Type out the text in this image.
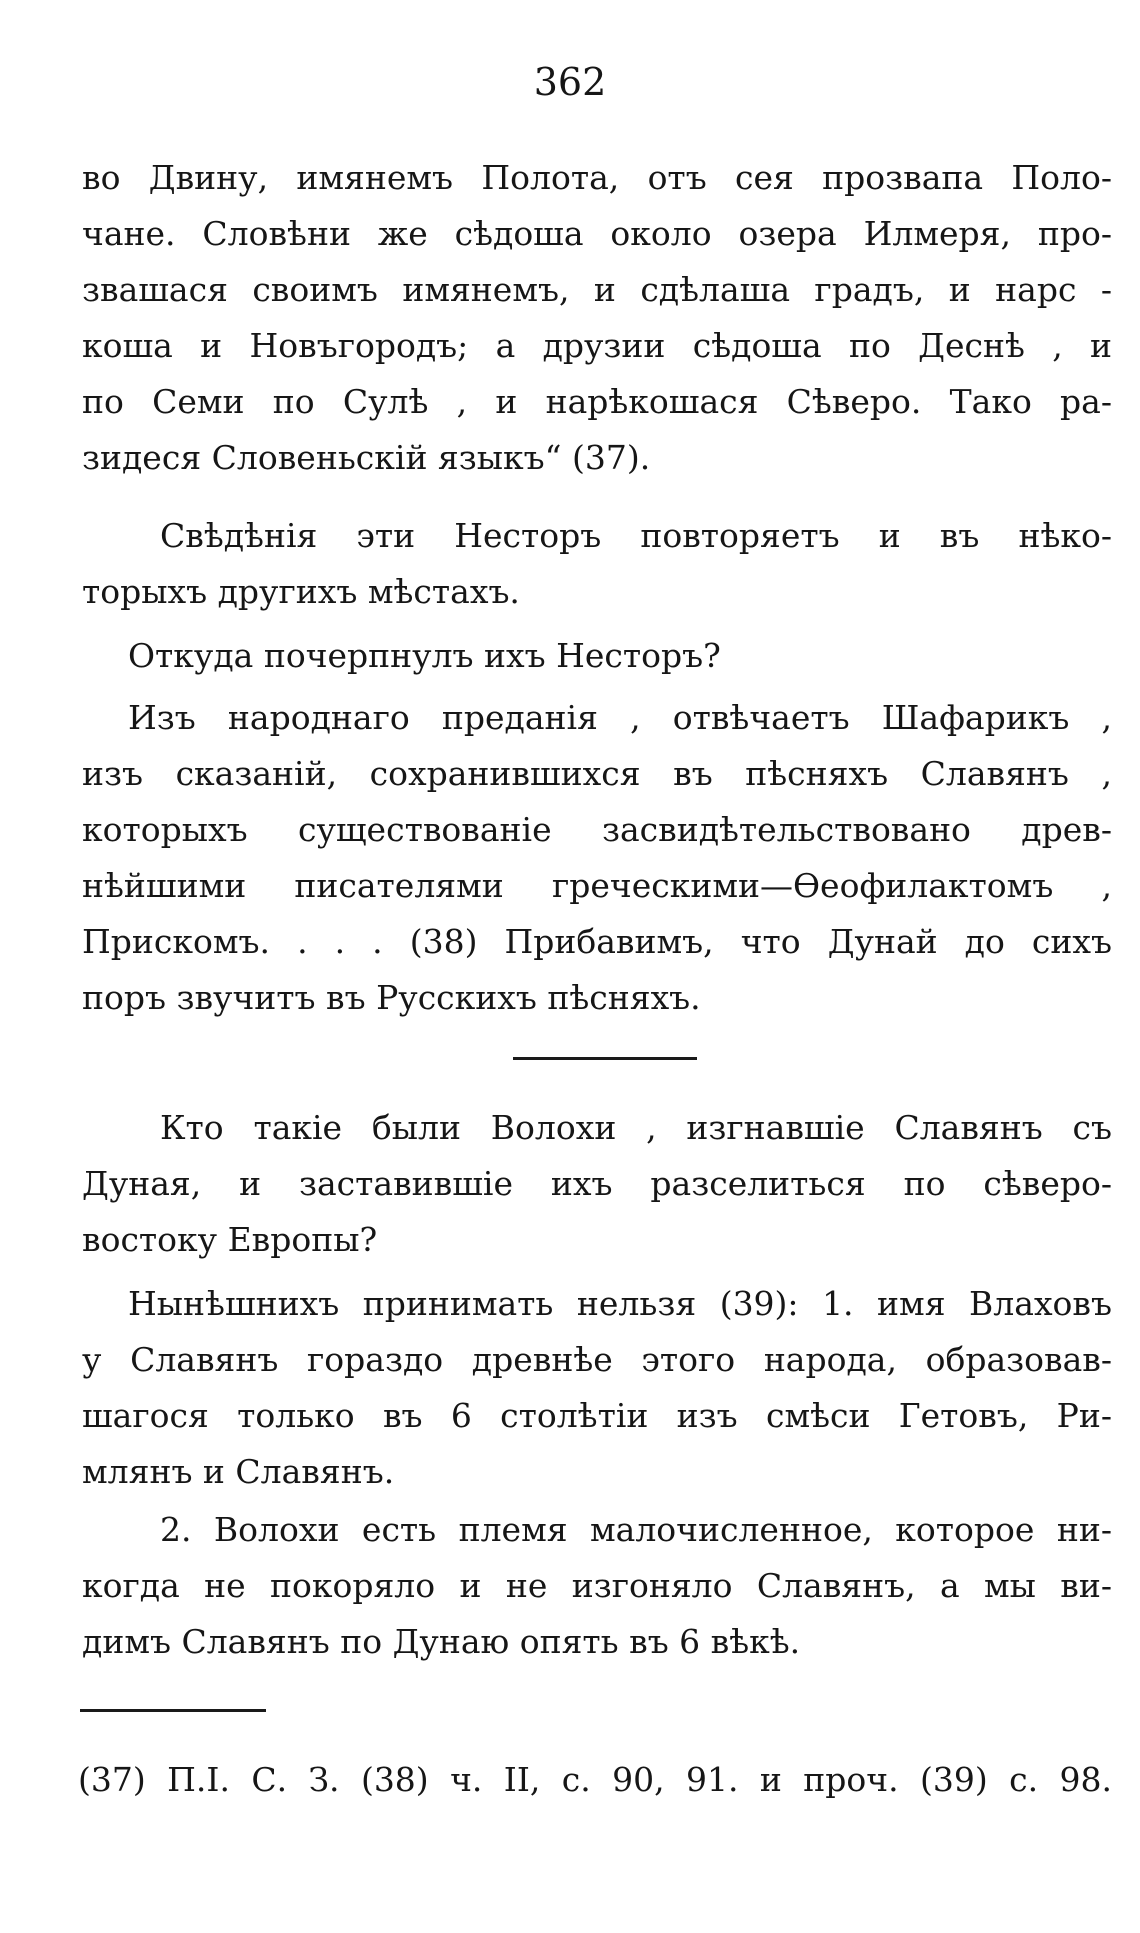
362
во Двину, имянемъ Полота, отъ сея прозвапа Поло-
чане. Словѣни же сѣдоша около озера Илмеря, про-
звашася своимъ имянемъ, и сдѣлаша градъ, и нарс -
коша и Новъгородъ; а друзии сѣдоша по Деснѣ , и
по Семи по Сулѣ , и нарѣкошася Сѣверо. Тако ра-
зидеся Словеньскій языкъ“ (37).
Свѣдѣнія эти Несторъ повторяетъ и въ нѣко-
торыхъ другихъ мѣстахъ.
Откуда почерпнулъ ихъ Несторъ?
Изъ народнаго преданія , отвѣчаетъ Шафарикъ ,
изъ сказаній, сохранившихся въ пѣсняхъ Славянъ ,
которыхъ существованіе засвидѣтельствовано древ-
нѣйшими писателями греческими—Өеофилактомъ ,
Прискомъ. . . . (38) Прибавимъ, что Дунай до сихъ
поръ звучитъ въ Русскихъ пѣсняхъ.
Кто такіе были Волохи , изгнавшіе Славянъ съ
Дуная, и заставившіе ихъ разселиться по сѣверо-
востоку Европы?
Нынѣшнихъ принимать нельзя (39): 1. имя Влаховъ
у Славянъ гораздо древнѣе этого народа, образовав-
шагося только въ 6 столѣтіи изъ смѣси Гетовъ, Ри-
млянъ и Славянъ.
2. Волохи есть племя малочисленное, которое ни-
когда не покоряло и не изгоняло Славянъ, а мы ви-
димъ Славянъ по Дунаю опять въ 6 вѣкѣ.
(37) П.І. С. З. (38) ч. II, с. 90, 91. и проч. (39) с. 98.
